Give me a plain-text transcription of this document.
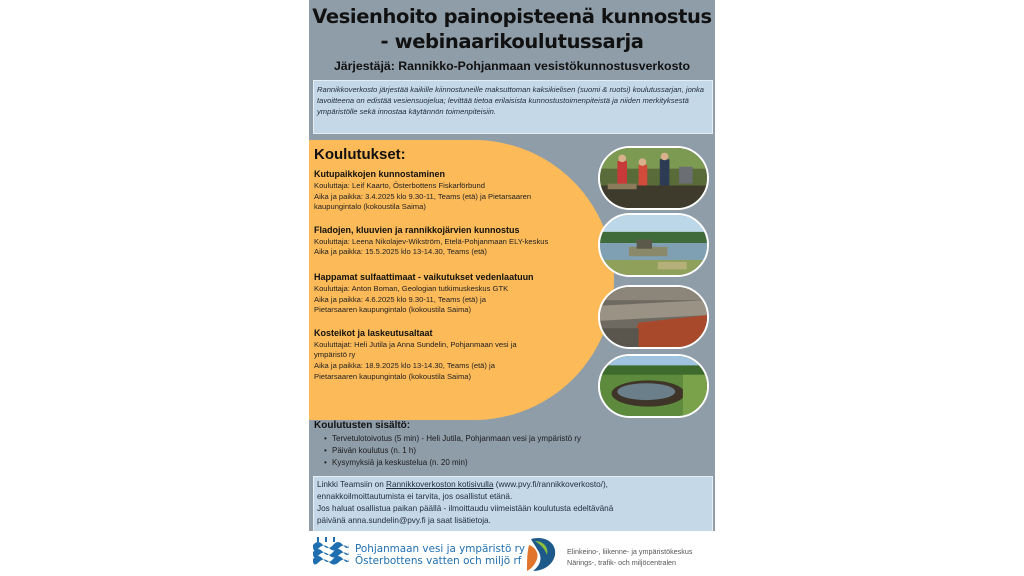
Vesienhoito painopisteenä kunnostus
- webinaarikoulutussarja
Järjestäjä: Rannikko-Pohjanmaan vesistökunnostusverkosto
Rannikkoverkosto järjestää kaikille kiinnostuneille maksuttoman kaksikielisen (suomi & ruotsi) koulutussarjan, jonka tavoitteena on edistää vesiensuojelua; levittää tietoa erilaisista kunnostustoimenpiteistä ja niiden merkityksestä ympäristölle sekä innostaa käytännön toimenpiteisiin.
Koulutukset:
Kutupaikkojen kunnostaminen
Kouluttaja: Leif Kaarto, Österbottens Fiskarförbund
Aika ja paikka: 3.4.2025 klo 9.30-11, Teams (etä) ja Pietarsaaren
kaupungintalo (kokoustila Saima)
Fladojen, kluuvien ja rannikkojärvien kunnostus
Kouluttaja: Leena Nikolajev-Wikström, Etelä-Pohjanmaan ELY-keskus
Aika ja paikka: 15.5.2025 klo 13-14.30, Teams (etä)
Happamat sulfaattimaat - vaikutukset vedenlaatuun
Kouluttaja: Anton Boman, Geologian tutkimuskeskus GTK
Aika ja paikka: 4.6.2025 klo 9.30-11, Teams (etä) ja
Pietarsaaren kaupungintalo (kokoustila Saima)
Kosteikot ja laskeutusaltaat
Kouluttajat: Heli Jutila ja Anna Sundelin, Pohjanmaan vesi ja
ympäristö ry
Aika ja paikka: 18.9.2025 klo 13-14.30, Teams (etä) ja
Pietarsaaren kaupungintalo (kokoustila Saima)
Koulutusten sisältö:
• Tervetulotoivotus (5 min) - Heli Jutila, Pohjanmaan vesi ja ympäristö ry
• Päivän koulutus (n. 1 h)
• Kysymyksiä ja keskustelua (n. 20 min)
Linkki Teamsiin on Rannikkoverkoston kotisivulla (www.pvy.fi/rannikkoverkosto/),
ennakkoilmoittautumista ei tarvita, jos osallistut etänä.
Jos haluat osallistua paikan päällä - ilmoittaudu viimeistään koulutusta edeltävänä
päivänä anna.sundelin@pvy.fi ja saat lisätietoja.
Pohjanmaan vesi ja ympäristö ry
Österbottens vatten och miljö rf
Elinkeino-, liikenne- ja ympäristökeskus
Närings-, trafik- och miljöcentralen
